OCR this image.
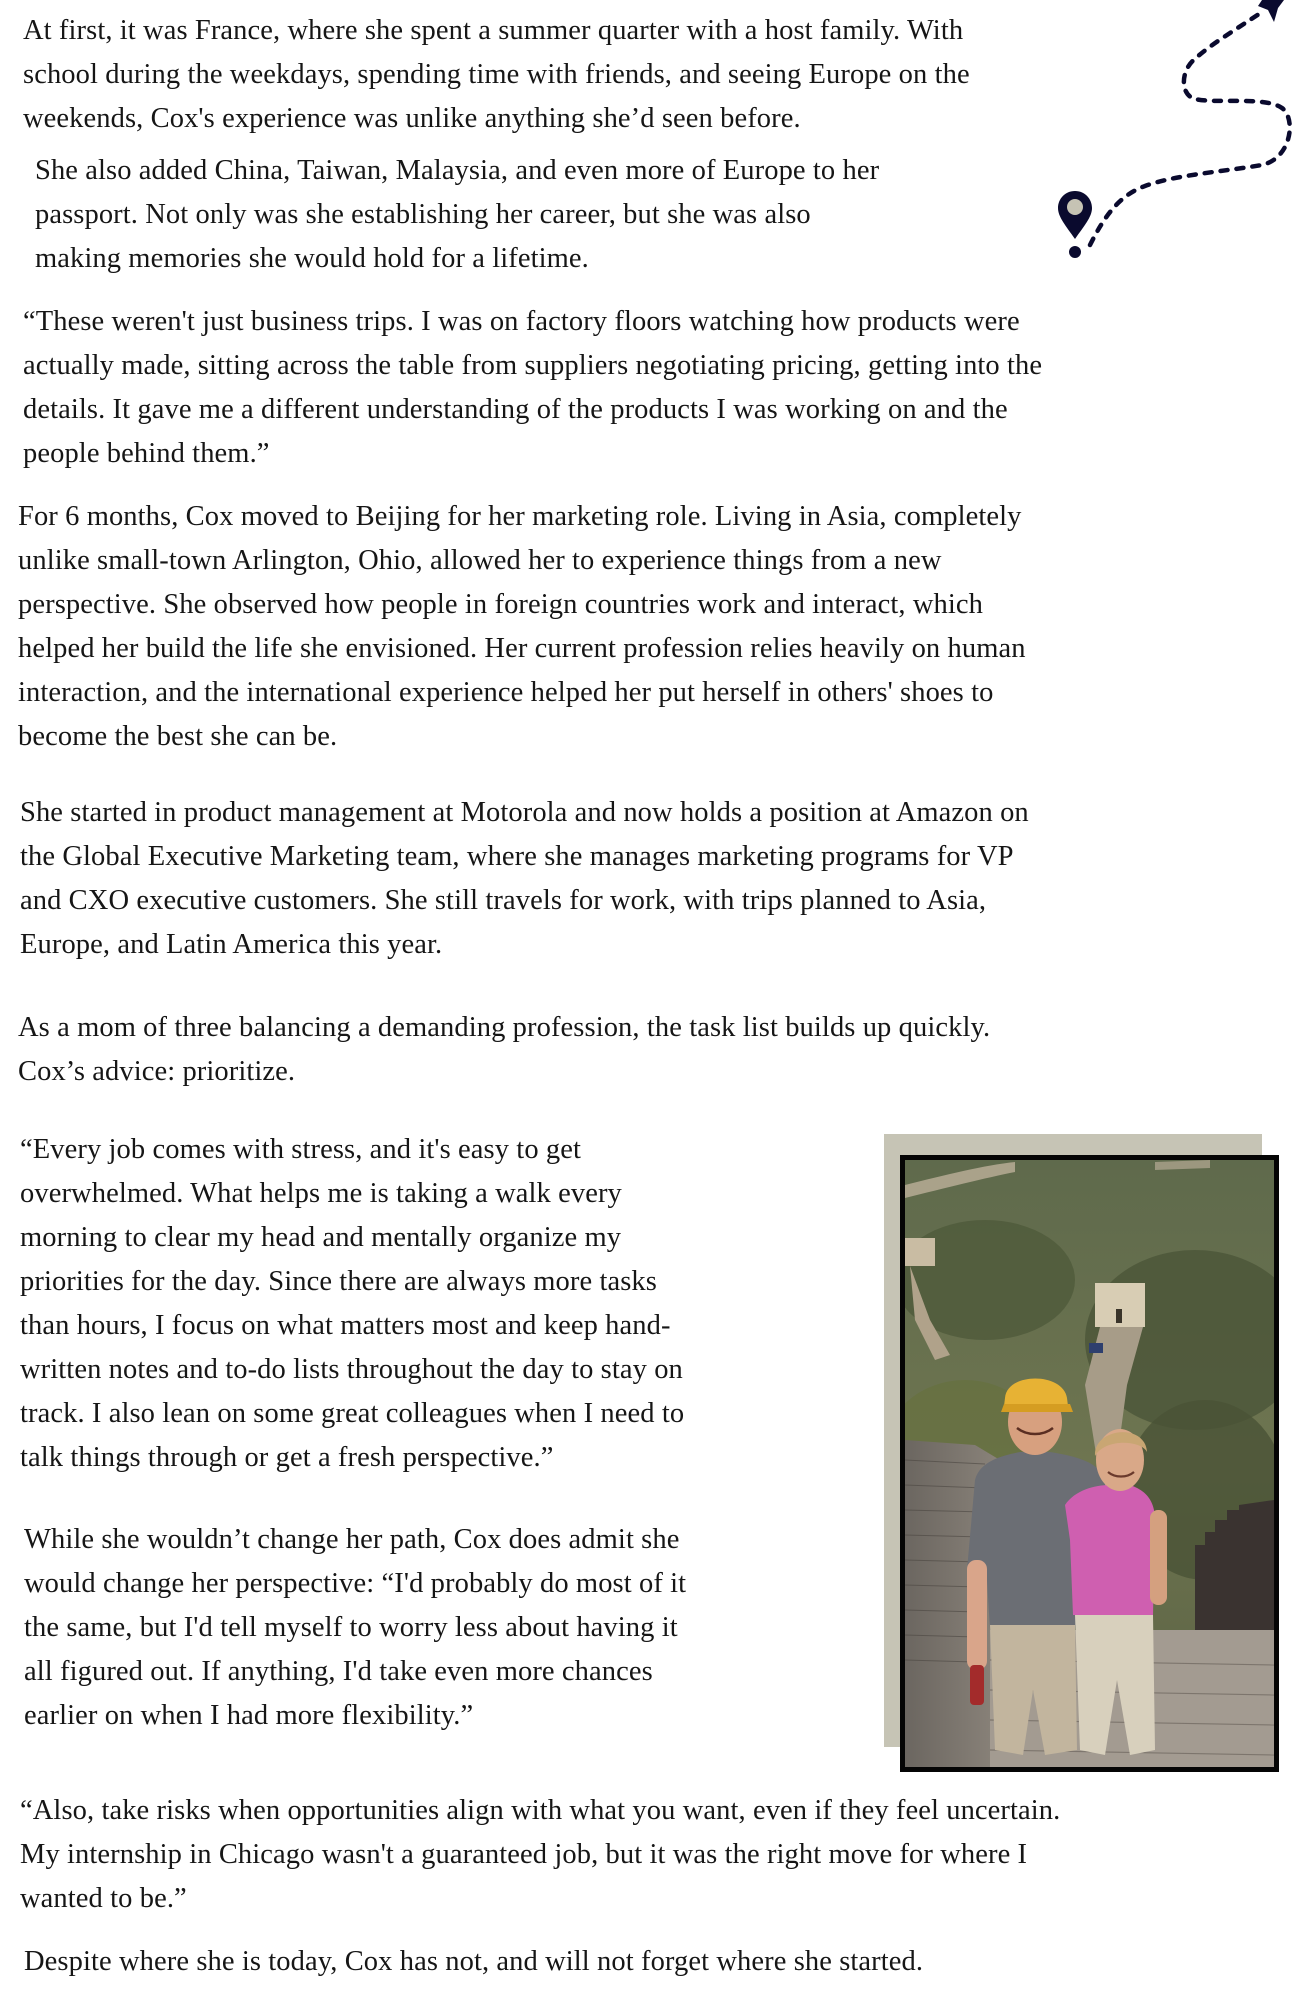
At first, it was France, where she spent a summer quarter with a host family. With
school during the weekdays, spending time with friends, and seeing Europe on the
weekends, Cox's experience was unlike anything she’d seen before.

She also added China, Taiwan, Malaysia, and even more of Europe to her
passport. Not only was she establishing her career, but she was also
making memories she would hold for a lifetime.

“These weren't just business trips. I was on factory floors watching how products were
actually made, sitting across the table from suppliers negotiating pricing, getting into the
details. It gave me a different understanding of the products I was working on and the
people behind them.”

For 6 months, Cox moved to Beijing for her marketing role. Living in Asia, completely
unlike small-town Arlington, Ohio, allowed her to experience things from a new
perspective. She observed how people in foreign countries work and interact, which
helped her build the life she envisioned. Her current profession relies heavily on human
interaction, and the international experience helped her put herself in others' shoes to
become the best she can be.

She started in product management at Motorola and now holds a position at Amazon on
the Global Executive Marketing team, where she manages marketing programs for VP
and CXO executive customers. She still travels for work, with trips planned to Asia,
Europe, and Latin America this year.

As a mom of three balancing a demanding profession, the task list builds up quickly.
Cox’s advice: prioritize.

“Every job comes with stress, and it's easy to get
overwhelmed. What helps me is taking a walk every
morning to clear my head and mentally organize my
priorities for the day. Since there are always more tasks
than hours, I focus on what matters most and keep hand-
written notes and to-do lists throughout the day to stay on
track. I also lean on some great colleagues when I need to
talk things through or get a fresh perspective.”

While she wouldn’t change her path, Cox does admit she
would change her perspective: “I'd probably do most of it
the same, but I'd tell myself to worry less about having it
all figured out. If anything, I'd take even more chances
earlier on when I had more flexibility.”

“Also, take risks when opportunities align with what you want, even if they feel uncertain.
My internship in Chicago wasn't a guaranteed job, but it was the right move for where I
wanted to be.”

Despite where she is today, Cox has not, and will not forget where she started.
